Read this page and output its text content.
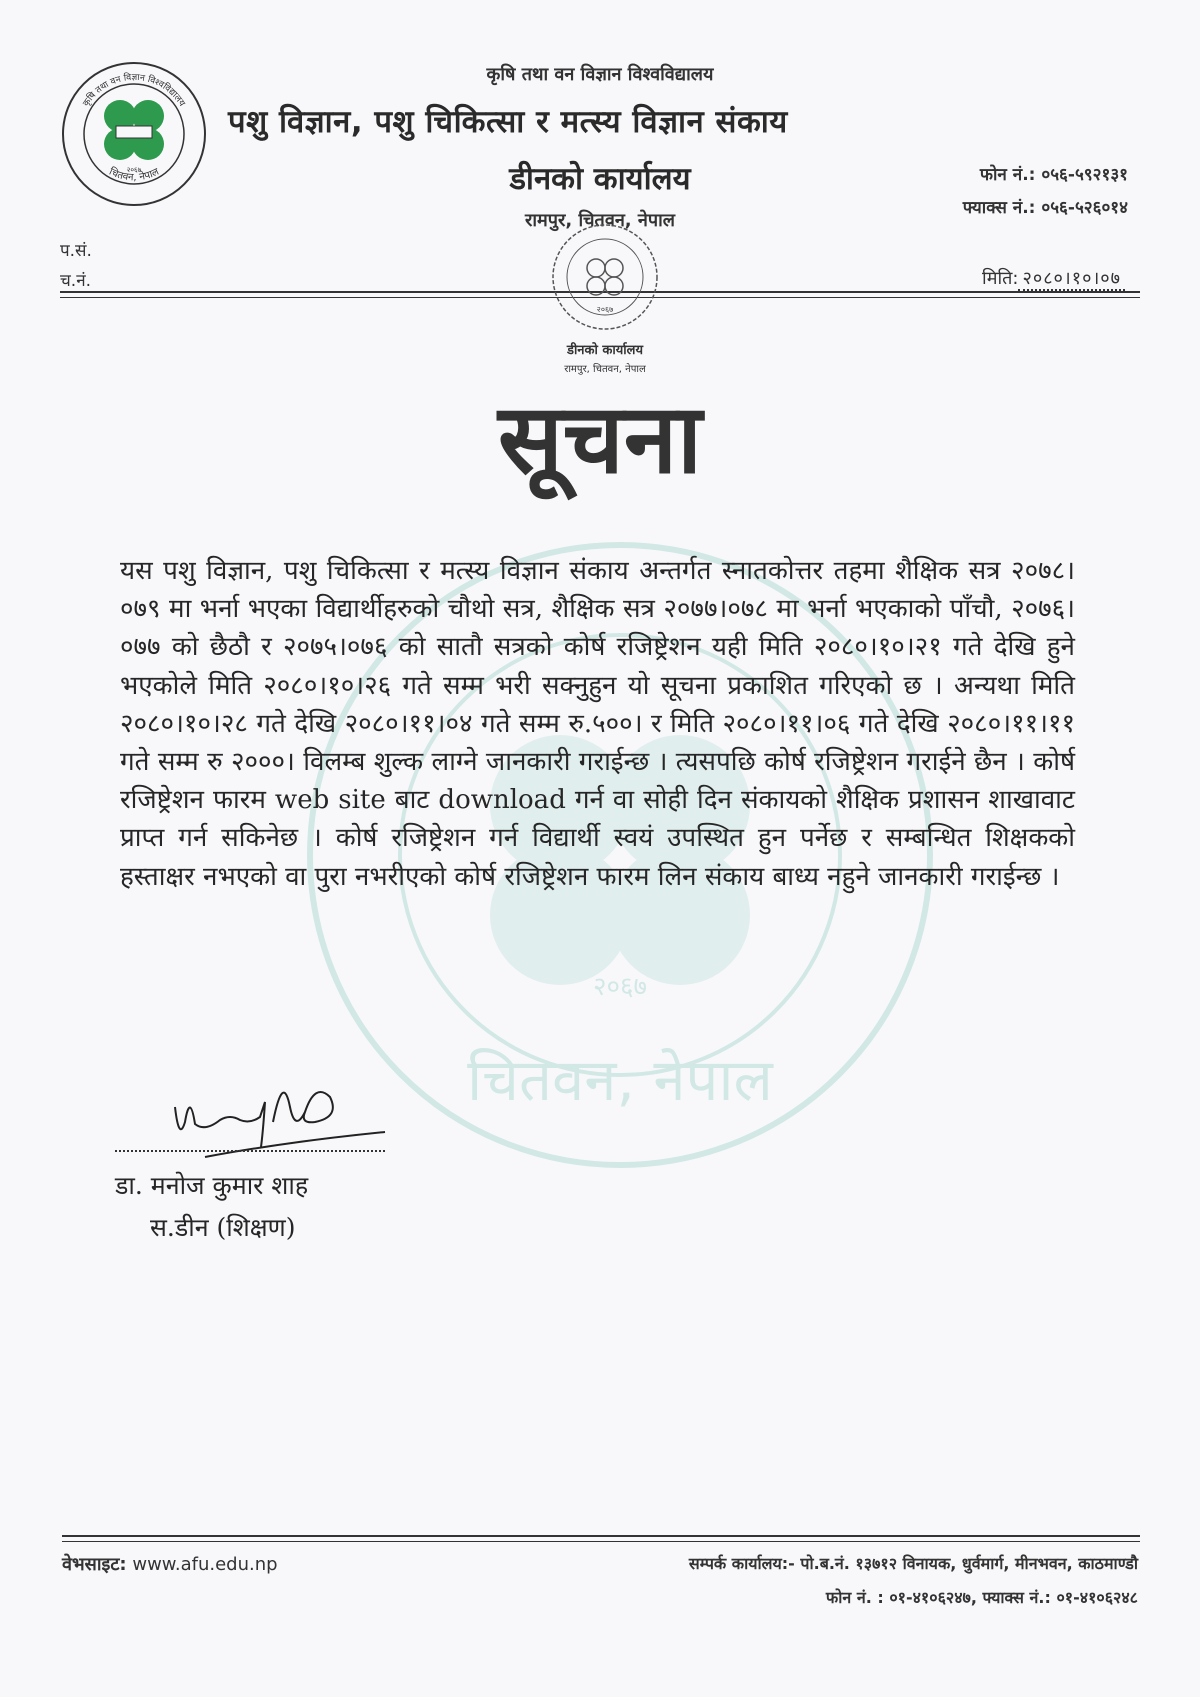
कृषि तथा वन विज्ञान विश्वविद्यालय
२०६७
चितवन, नेपाल
कृषि तथा वन विज्ञान विश्वविद्यालय
पशु विज्ञान, पशु चिकित्सा र मत्स्य विज्ञान संकाय
डीनको कार्यालय
रामपुर, चितवन, नेपाल
फोन नं.: ०५६-५९२१३१
फ्याक्स नं.: ०५६-५२६०१४
प.सं.
च.नं.	मिति: २०८०।१०।०७
२०६७
डीनको कार्यालय
रामपुर, चितवन, नेपाल
२०६७
चितवन, नेपाल
सूचना
यस पशु विज्ञान, पशु चिकित्सा र मत्स्य विज्ञान संकाय अन्तर्गत स्नातकोत्तर तहमा शैक्षिक सत्र २०७८।०७९ मा भर्ना भएका विद्यार्थीहरुको चौथो सत्र, शैक्षिक सत्र २०७७।०७८ मा भर्ना भएकाको पाँचौ, २०७६।०७७ को छैठौ र २०७५।०७६ को सातौ सत्रको कोर्ष रजिष्ट्रेशन यही मिति २०८०।१०।२१ गते देखि हुने भएकोले मिति २०८०।१०।२६ गते सम्म भरी सक्नुहुन यो सूचना प्रकाशित गरिएको छ । अन्यथा मिति २०८०।१०।२८ गते देखि २०८०।११।०४ गते सम्म रु.५००। र मिति २०८०।११।०६ गते देखि २०८०।११।११ गते सम्म रु २०००। विलम्ब शुल्क लाग्ने जानकारी गराईन्छ । त्यसपछि कोर्ष रजिष्ट्रेशन गराईने छैन । कोर्ष रजिष्ट्रेशन फारम web site बाट download गर्न वा सोही दिन संकायको शैक्षिक प्रशासन शाखावाट प्राप्त गर्न सकिनेछ । कोर्ष रजिष्ट्रेशन गर्न विद्यार्थी स्वयं उपस्थित हुन पर्नेछ र सम्बन्धित शिक्षकको हस्ताक्षर नभएको वा पुरा नभरीएको कोर्ष रजिष्ट्रेशन फारम लिन संकाय बाध्य नहुने जानकारी गराईन्छ ।
डा. मनोज कुमार शाह
स.डीन (शिक्षण)
वेभसाइट: www.afu.edu.np	सम्पर्क कार्यालय:- पो.ब.नं. १३७१२ विनायक, धुर्वमार्ग, मीनभवन, काठमाण्डौ
फोन नं. : ०१-४१०६२४७, फ्याक्स नं.: ०१-४१०६२४८
